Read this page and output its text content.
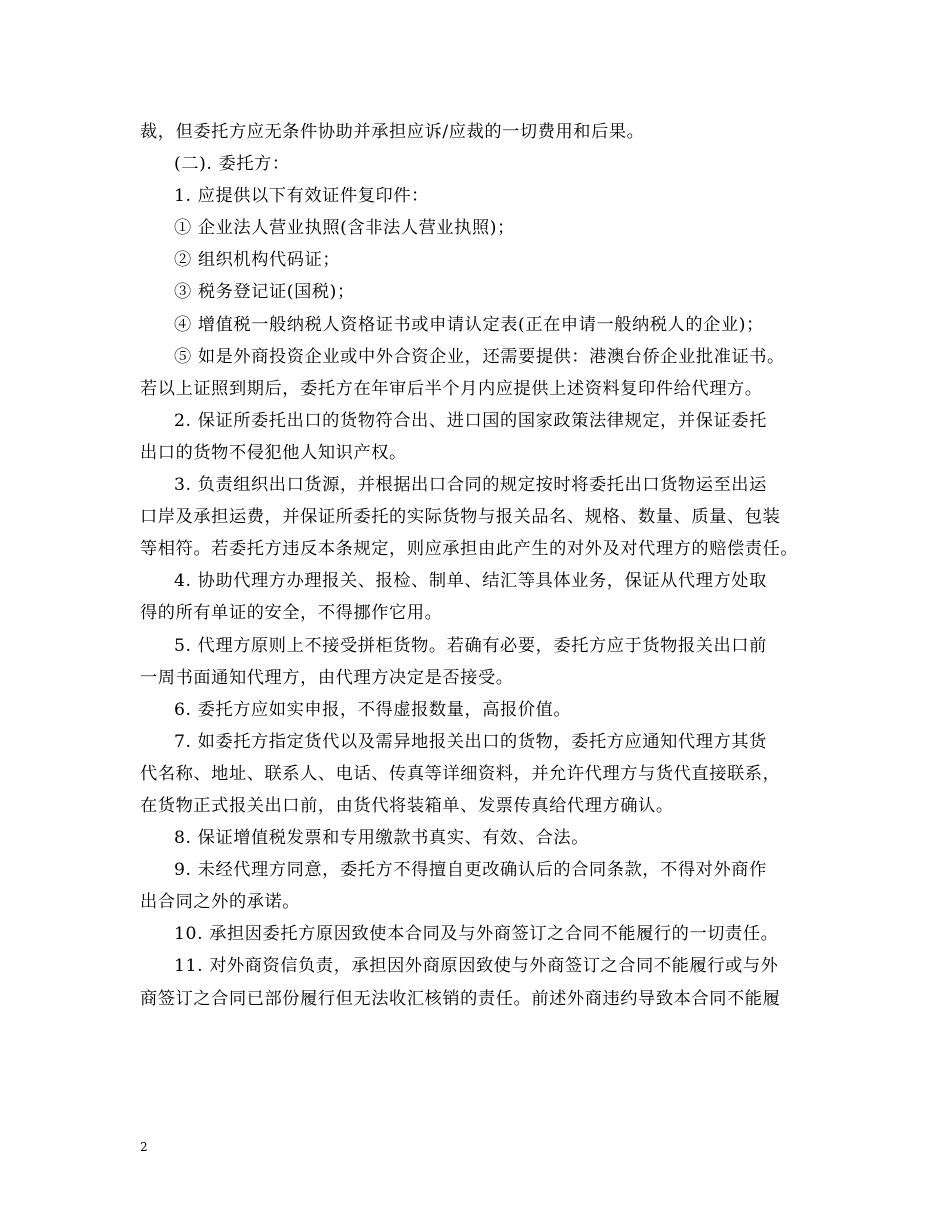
裁，但委托方应无条件协助并承担应诉/应裁的一切费用和后果。

(二). 委托方：

1. 应提供以下有效证件复印件：

① 企业法人营业执照(含非法人营业执照)；

② 组织机构代码证；

③ 税务登记证(国税)；

④ 增值税一般纳税人资格证书或申请认定表(正在申请一般纳税人的企业)；

⑤ 如是外商投资企业或中外合资企业，还需要提供：港澳台侨企业批准证书。

若以上证照到期后，委托方在年审后半个月内应提供上述资料复印件给代理方。

2. 保证所委托出口的货物符合出、进口国的国家政策法律规定，并保证委托

出口的货物不侵犯他人知识产权。

3. 负责组织出口货源，并根据出口合同的规定按时将委托出口货物运至出运

口岸及承担运费，并保证所委托的实际货物与报关品名、规格、数量、质量、包装

等相符。若委托方违反本条规定，则应承担由此产生的对外及对代理方的赔偿责任。

4. 协助代理方办理报关、报检、制单、结汇等具体业务，保证从代理方处取

得的所有单证的安全，不得挪作它用。

5. 代理方原则上不接受拼柜货物。若确有必要，委托方应于货物报关出口前

一周书面通知代理方，由代理方决定是否接受。

6. 委托方应如实申报，不得虚报数量，高报价值。

7. 如委托方指定货代以及需异地报关出口的货物，委托方应通知代理方其货

代名称、地址、联系人、电话、传真等详细资料，并允许代理方与货代直接联系，

在货物正式报关出口前，由货代将装箱单、发票传真给代理方确认。

8. 保证增值税发票和专用缴款书真实、有效、合法。

9. 未经代理方同意，委托方不得擅自更改确认后的合同条款，不得对外商作

出合同之外的承诺。

10. 承担因委托方原因致使本合同及与外商签订之合同不能履行的一切责任。

11. 对外商资信负责，承担因外商原因致使与外商签订之合同不能履行或与外

商签订之合同已部份履行但无法收汇核销的责任。前述外商违约导致本合同不能履

2
